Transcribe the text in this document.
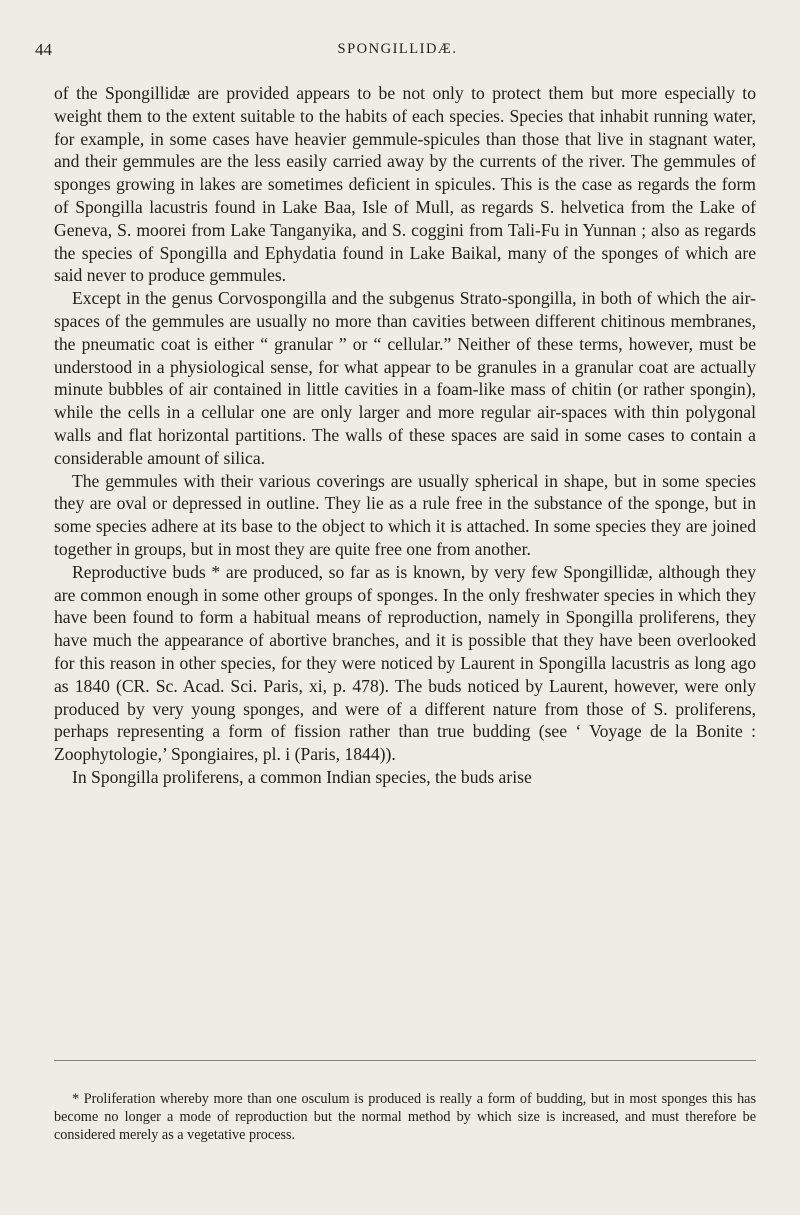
44	SPONGILLIDÆ.

of the Spongillidæ are provided appears to be not only to protect them but more especially to weight them to the extent suitable to the habits of each species. Species that inhabit running water, for example, in some cases have heavier gemmule-spicules than those that live in stagnant water, and their gemmules are the less easily carried away by the currents of the river. The gemmules of sponges growing in lakes are sometimes deficient in spicules. This is the case as regards the form of Spongilla lacustris found in Lake Baa, Isle of Mull, as regards S. helvetica from the Lake of Geneva, S. moorei from Lake Tanganyika, and S. coggini from Tali-Fu in Yunnan ; also as regards the species of Spongilla and Ephydatia found in Lake Baikal, many of the sponges of which are said never to produce gemmules.

Except in the genus Corvospongilla and the subgenus Strato-spongilla, in both of which the air-spaces of the gemmules are usually no more than cavities between different chitinous membranes, the pneumatic coat is either “ granular ” or “ cellular.” Neither of these terms, however, must be understood in a physiological sense, for what appear to be granules in a granular coat are actually minute bubbles of air contained in little cavities in a foam-like mass of chitin (or rather spongin), while the cells in a cellular one are only larger and more regular air-spaces with thin polygonal walls and flat horizontal partitions. The walls of these spaces are said in some cases to contain a considerable amount of silica.

The gemmules with their various coverings are usually spherical in shape, but in some species they are oval or depressed in outline. They lie as a rule free in the substance of the sponge, but in some species adhere at its base to the object to which it is attached. In some species they are joined together in groups, but in most they are quite free one from another.

Reproductive buds * are produced, so far as is known, by very few Spongillidæ, although they are common enough in some other groups of sponges. In the only freshwater species in which they have been found to form a habitual means of reproduction, namely in Spongilla proliferens, they have much the appearance of abortive branches, and it is possible that they have been overlooked for this reason in other species, for they were noticed by Laurent in Spongilla lacustris as long ago as 1840 (CR. Sc. Acad. Sci. Paris, xi, p. 478). The buds noticed by Laurent, however, were only produced by very young sponges, and were of a different nature from those of S. proliferens, perhaps representing a form of fission rather than true budding (see ‘ Voyage de la Bonite : Zoophytologie,’ Spongiaires, pl. i (Paris, 1844)).

In Spongilla proliferens, a common Indian species, the buds arise

* Proliferation whereby more than one osculum is produced is really a form of budding, but in most sponges this has become no longer a mode of reproduction but the normal method by which size is increased, and must therefore be considered merely as a vegetative process.
